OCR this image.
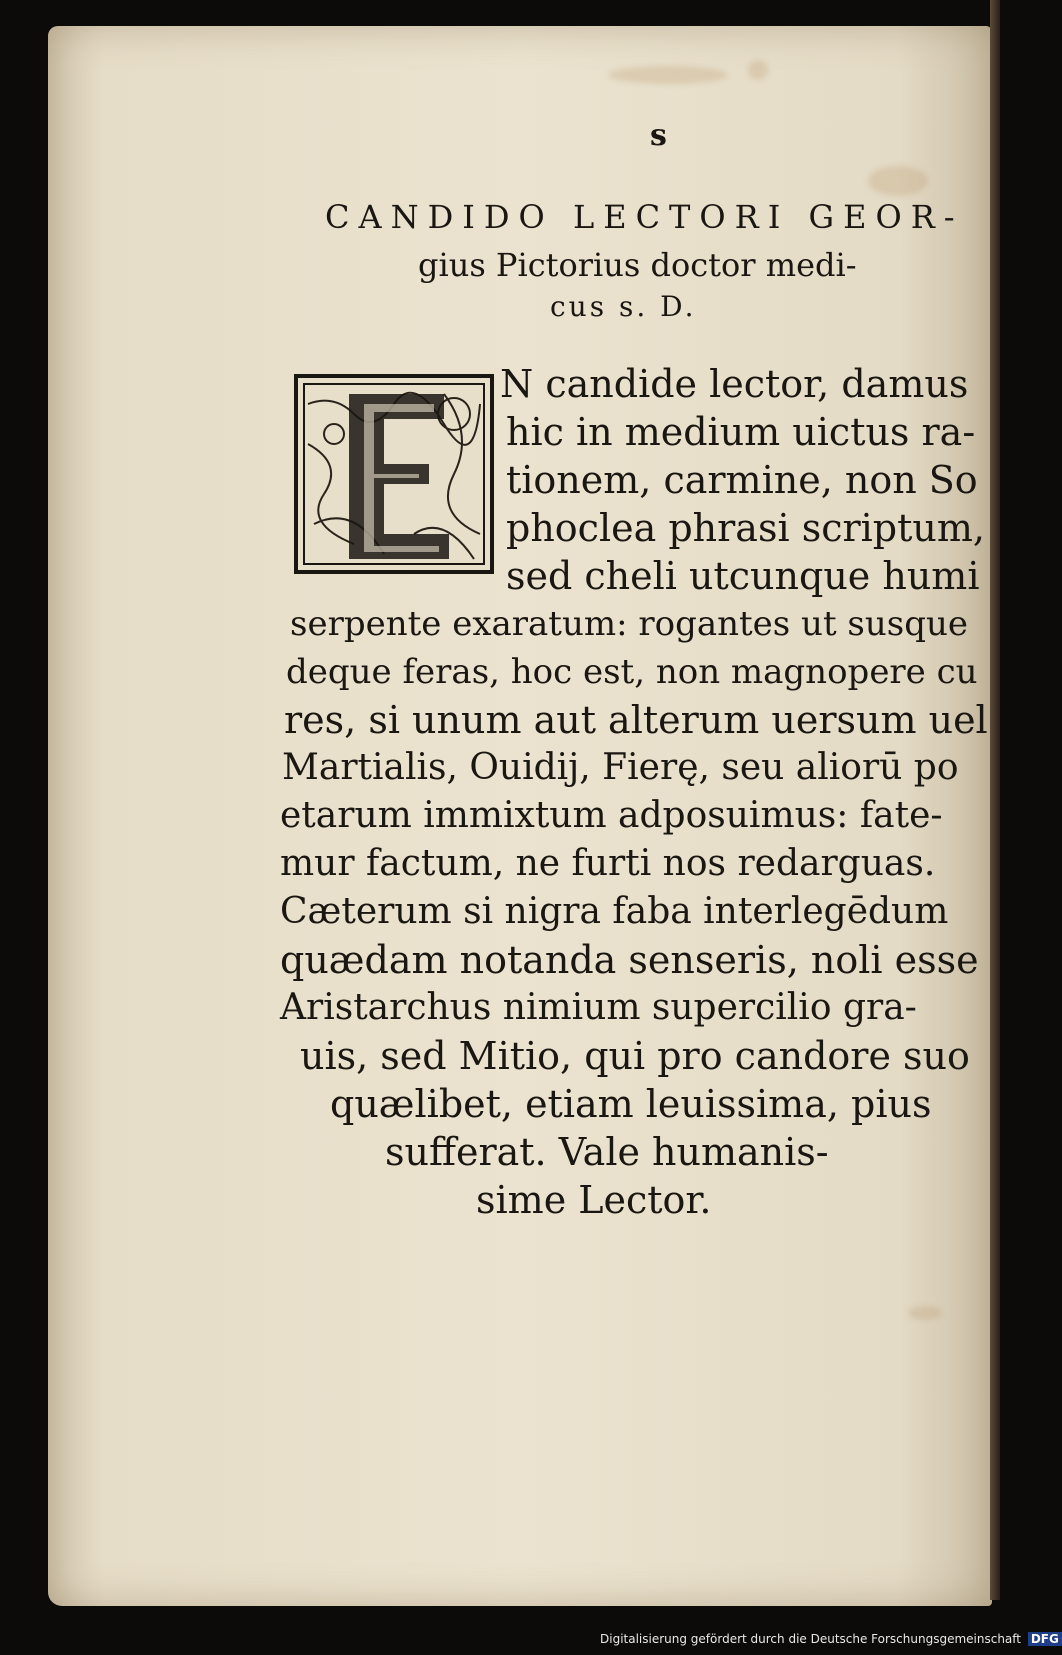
s
CANDIDO LECTORI GEOR-
gius Pictorius doctor medi-
cus s. D.
N candide lector, damus
hic in medium uictus ra-
tionem, carmine, non So
phoclea phrasi scriptum,
sed cheli utcunque humi
serpente exaratum: rogantes ut susque
deque feras, hoc est, non magnopere cu
res, si unum aut alterum uersum uel
Martialis, Ouidij, Fierę, seu aliorū po
etarum immixtum adposuimus: fate-
mur factum, ne furti nos redarguas.
Cæterum si nigra faba interlegēdum
quædam notanda senseris, noli esse
Aristarchus nimium supercilio gra-
uis, sed Mitio, qui pro candore suo
quælibet, etiam leuissima, pius
sufferat. Vale humanis-
sime Lector.
Digitalisierung gefördert durch die Deutsche Forschungsgemeinschaft DFG
